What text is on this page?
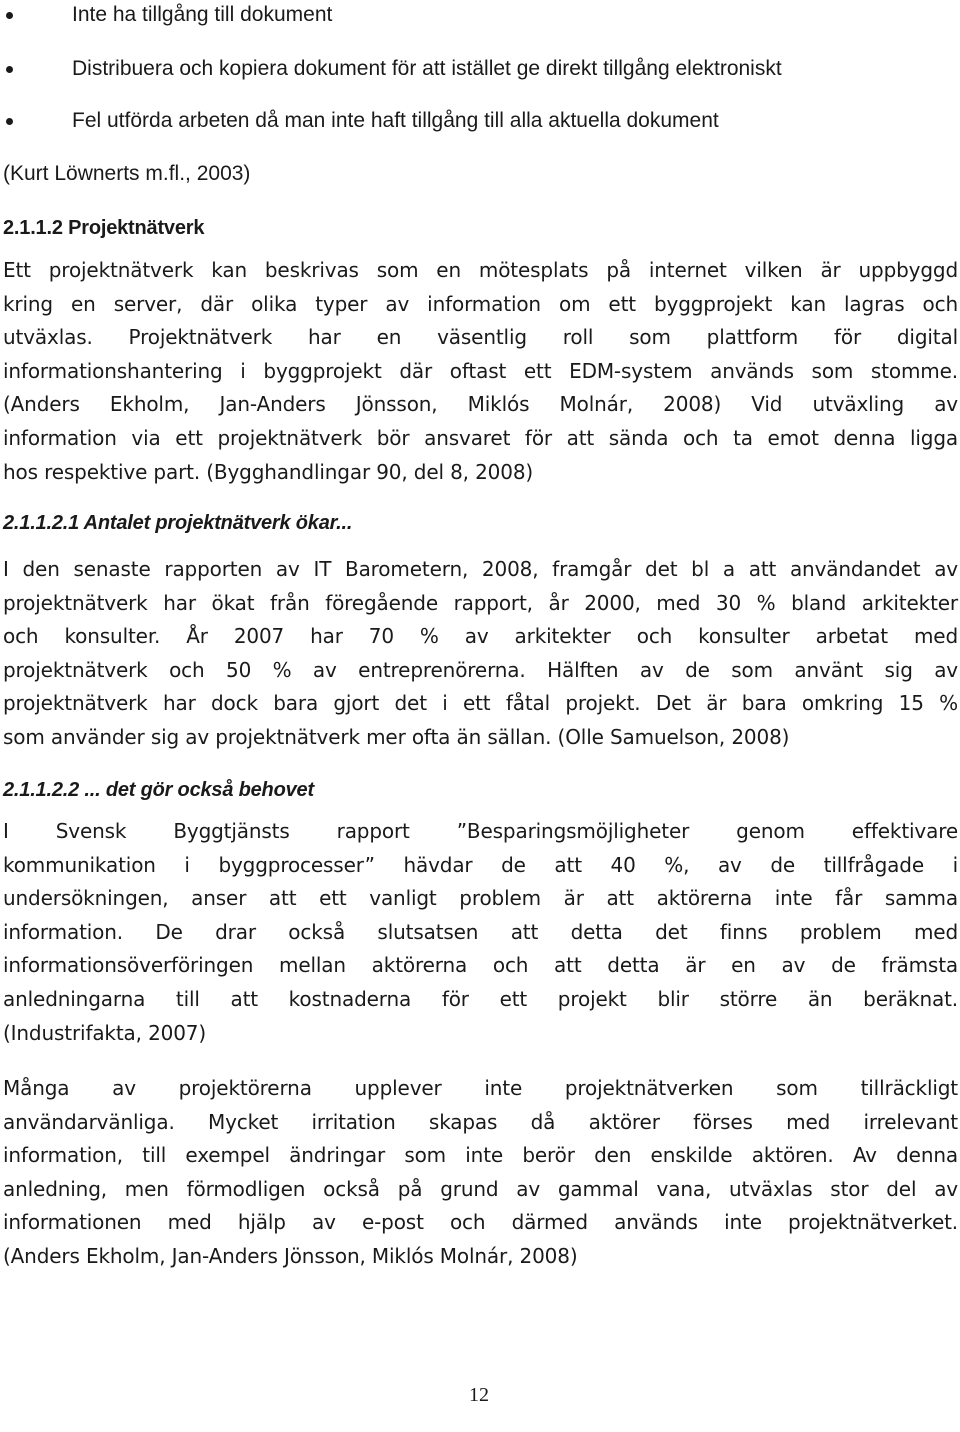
Inte ha tillgång till dokument
Distribuera och kopiera dokument för att istället ge direkt tillgång elektroniskt
Fel utförda arbeten då man inte haft tillgång till alla aktuella dokument
(Kurt Löwnerts m.fl., 2003)
2.1.1.2 Projektnätverk
Ett projektnätverk kan beskrivas som en mötesplats på internet vilken är uppbyggd
kring en server, där olika typer av information om ett byggprojekt kan lagras och
utväxlas. Projektnätverk har en väsentlig roll som plattform för digital
informationshantering i byggprojekt där oftast ett EDM-system används som stomme.
(Anders Ekholm, Jan-Anders Jönsson, Miklós Molnár, 2008) Vid utväxling av
information via ett projektnätverk bör ansvaret för att sända och ta emot denna ligga
hos respektive part. (Bygghandlingar 90, del 8, 2008)
2.1.1.2.1 Antalet projektnätverk ökar...
I den senaste rapporten av IT Barometern, 2008, framgår det bl a att användandet av
projektnätverk har ökat från föregående rapport, år 2000, med 30 % bland arkitekter
och konsulter. År 2007 har 70 % av arkitekter och konsulter arbetat med
projektnätverk och 50 % av entreprenörerna. Hälften av de som använt sig av
projektnätverk har dock bara gjort det i ett fåtal projekt. Det är bara omkring 15 %
som använder sig av projektnätverk mer ofta än sällan. (Olle Samuelson, 2008)
2.1.1.2.2 ... det gör också behovet
I Svensk Byggtjänsts rapport ”Besparingsmöjligheter genom effektivare
kommunikation i byggprocesser” hävdar de att 40 %, av de tillfrågade i
undersökningen, anser att ett vanligt problem är att aktörerna inte får samma
information. De drar också slutsatsen att detta det finns problem med
informationsöverföringen mellan aktörerna och att detta är en av de främsta
anledningarna till att kostnaderna för ett projekt blir större än beräknat.
(Industrifakta, 2007)
Många av projektörerna upplever inte projektnätverken som tillräckligt
användarvänliga. Mycket irritation skapas då aktörer förses med irrelevant
information, till exempel ändringar som inte berör den enskilde aktören. Av denna
anledning, men förmodligen också på grund av gammal vana, utväxlas stor del av
informationen med hjälp av e-post och därmed används inte projektnätverket.
(Anders Ekholm, Jan-Anders Jönsson, Miklós Molnár, 2008)
12
